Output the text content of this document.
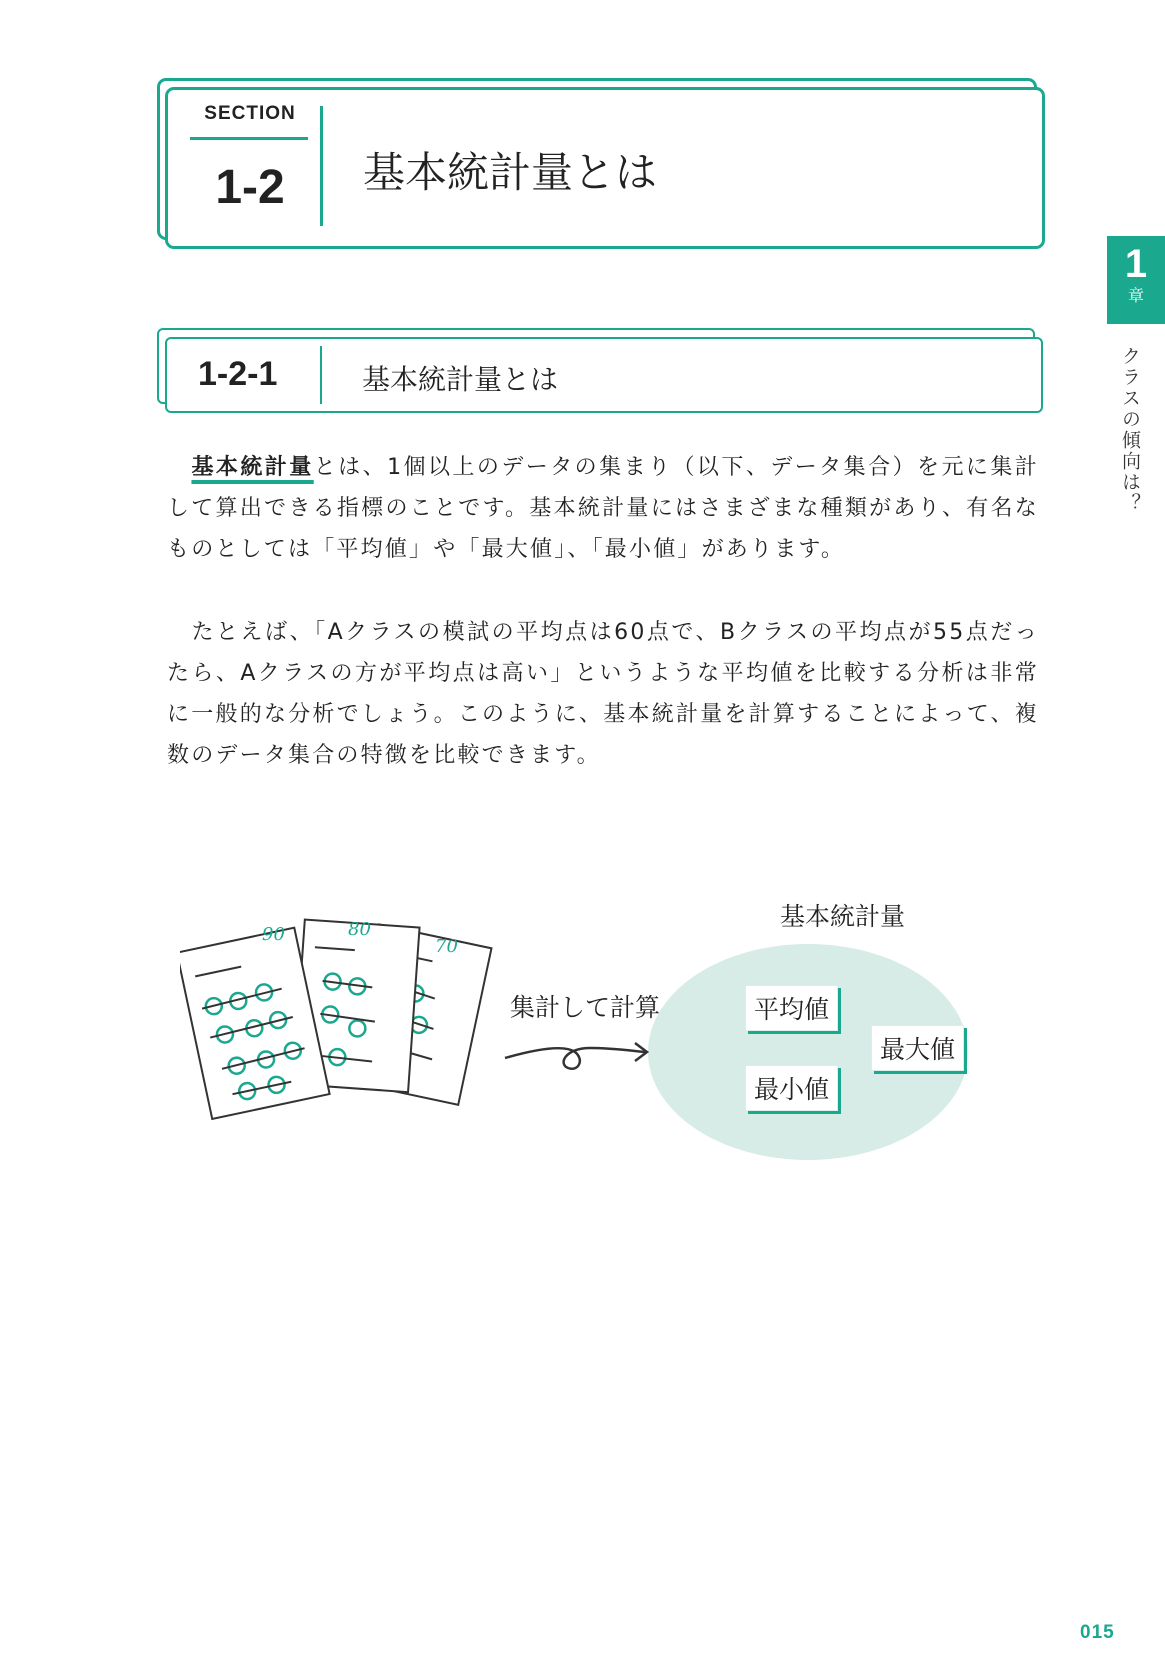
SECTION
1-2	基本統計量とは
1-2-1	基本統計量とは
1
章
クラスの傾向は？

　基本統計量とは、1個以上のデータの集まり（以下、データ集合）を元に集計して算出できる指標のことです。基本統計量にはさまざまな種類があり、有名なものとしては「平均値」や「最大値」、「最小値」があります。

　たとえば、「Aクラスの模試の平均点は60点で、Bクラスの平均点が55点だったら、Aクラスの方が平均点は高い」というような平均値を比較する分析は非常に一般的な分析でしょう。このように、基本統計量を計算することによって、複数のデータ集合の特徴を比較できます。

70
80
90
基本統計量
集計して計算	平均値
最大値
最小値
015
